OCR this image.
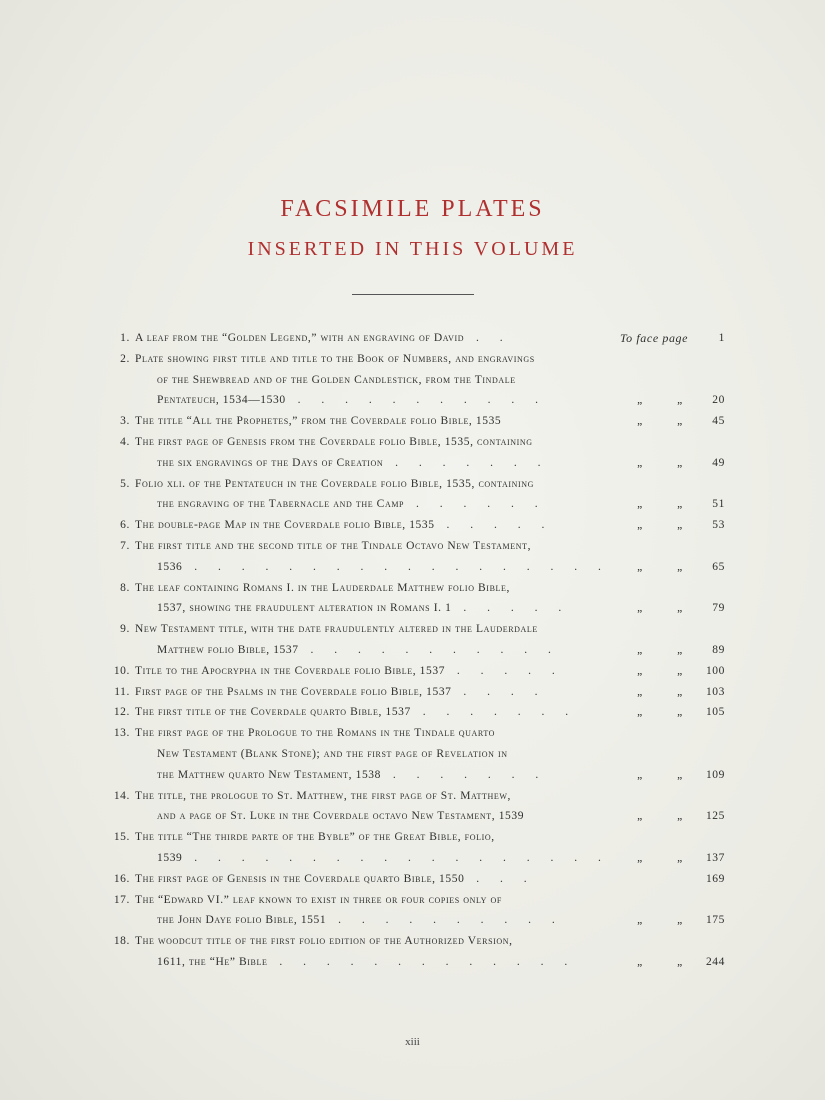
FACSIMILE PLATES
INSERTED IN THIS VOLUME
1. A leaf from the “Golden Legend,” with an engraving of David . .	To face page	1
2. Plate showing first title and title to the Book of Numbers, and engravings
of the Shewbread and of the Golden Candlestick, from the Tindale
Pentateuch, 1534—1530 . . . . . . . . . . .	„	„	20
3. The title “All the Prophetes,” from the Coverdale folio Bible, 1535	„	„	45
4. The first page of Genesis from the Coverdale folio Bible, 1535, containing
the six engravings of the Days of Creation . . . . . . .	„	„	49
5. Folio xli. of the Pentateuch in the Coverdale folio Bible, 1535, containing
the engraving of the Tabernacle and the Camp . . . . . .	„	„	51
6. The double-page Map in the Coverdale folio Bible, 1535 . . . . .	„	„	53
7. The first title and the second title of the Tindale Octavo New Testament,
1536 . . . . . . . . . . . . . . . . . . „	„	65
8. The leaf containing Romans I. in the Lauderdale Matthew folio Bible,
1537, showing the fraudulent alteration in Romans I. 1 . . . . .	„	„	79
9. New Testament title, with the date fraudulently altered in the Lauderdale
Matthew folio Bible, 1537 . . . . . . . . . . .	„	„	89
10. Title to the Apocrypha in the Coverdale folio Bible, 1537 . . . . .	„	„	100
11. First page of the Psalms in the Coverdale folio Bible, 1537 . . . .	„	„	103
12. The first title of the Coverdale quarto Bible, 1537 . . . . . . .	„	„	105
13. The first page of the Prologue to the Romans in the Tindale quarto
New Testament (Blank Stone); and the first page of Revelation in
the Matthew quarto New Testament, 1538 . . . . . . .	„	„	109
14. The title, the prologue to St. Matthew, the first page of St. Matthew,
and a page of St. Luke in the Coverdale octavo New Testament, 1539	„	„	125
15. The title “The thirde parte of the Byble” of the Great Bible, folio,
1539 . . . . . . . . . . . . . . . . . . „	„	137
16. The first page of Genesis in the Coverdale quarto Bible, 1550 . . .	169
17. The “Edward VI.” leaf known to exist in three or four copies only of
the John Daye folio Bible, 1551 . . . . . . . . . .	„	„	175
18. The woodcut title of the first folio edition of the Authorized Version,
1611, the “He” Bible . . . . . . . . . . . . .	„	„	244
xiii
